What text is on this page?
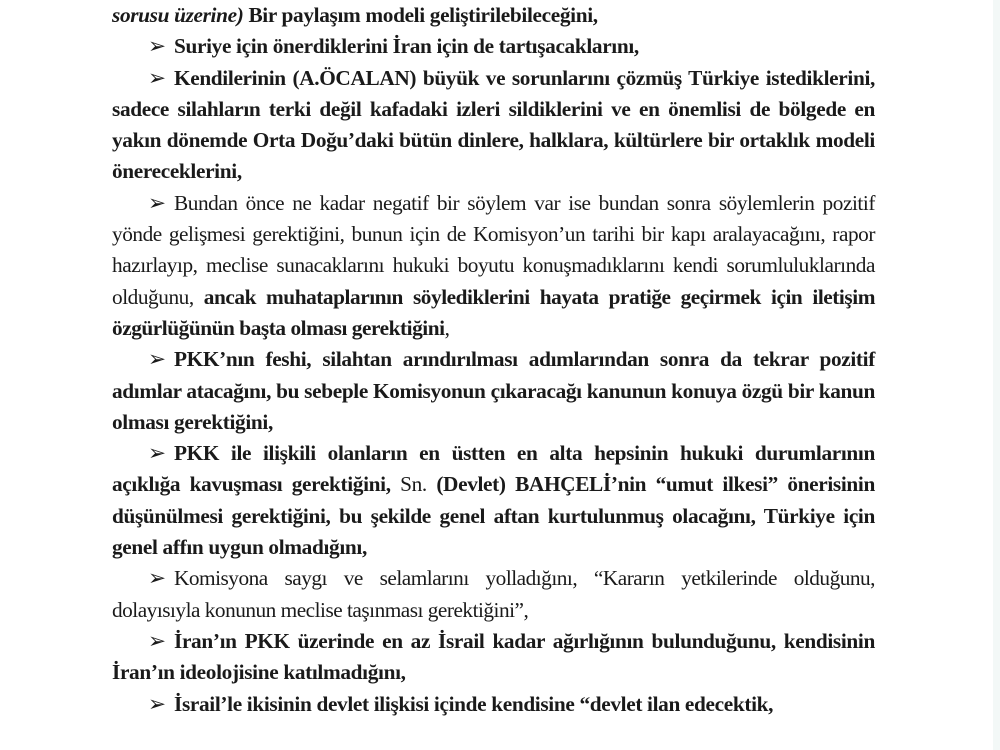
sorusu üzerine) Bir paylaşım modeli geliştirilebileceğini,

➢ Suriye için önerdiklerini İran için de tartışacaklarını,

➢ Kendilerinin (A.ÖCALAN) büyük ve sorunlarını çözmüş Türkiye istediklerini, sadece silahların terki değil kafadaki izleri sildiklerini ve en önemlisi de bölgede en yakın dönemde Orta Doğu’daki bütün dinlere, halklara, kültürlere bir ortaklık modeli önereceklerini,

➢ Bundan önce ne kadar negatif bir söylem var ise bundan sonra söylemlerin pozitif yönde gelişmesi gerektiğini, bunun için de Komisyon’un tarihi bir kapı aralayacağını, rapor hazırlayıp, meclise sunacaklarını hukuki boyutu konuşmadıklarını kendi sorumluluklarında olduğunu, ancak muhataplarının söylediklerini hayata pratiğe geçirmek için iletişim özgürlüğünün başta olması gerektiğini,

➢ PKK’nın feshi, silahtan arındırılması adımlarından sonra da tekrar pozitif adımlar atacağını, bu sebeple Komisyonun çıkaracağı kanunun konuya özgü bir kanun olması gerektiğini,

➢ PKK ile ilişkili olanların en üstten en alta hepsinin hukuki durumlarının açıklığa kavuşması gerektiğini, Sn. (Devlet) BAHÇELİ’nin “umut ilkesi” önerisinin düşünülmesi gerektiğini, bu şekilde genel aftan kurtulunmuş olacağını, Türkiye için genel affın uygun olmadığını,

➢ Komisyona saygı ve selamlarını yolladığını, “Kararın yetkilerinde olduğunu, dolayısıyla konunun meclise taşınması gerektiğini”,

➢ İran’ın PKK üzerinde en az İsrail kadar ağırlığının bulunduğunu, kendisinin İran’ın ideolojisine katılmadığını,

➢ İsrail’le ikisinin devlet ilişkisi içinde kendisine “devlet ilan edecektik,
